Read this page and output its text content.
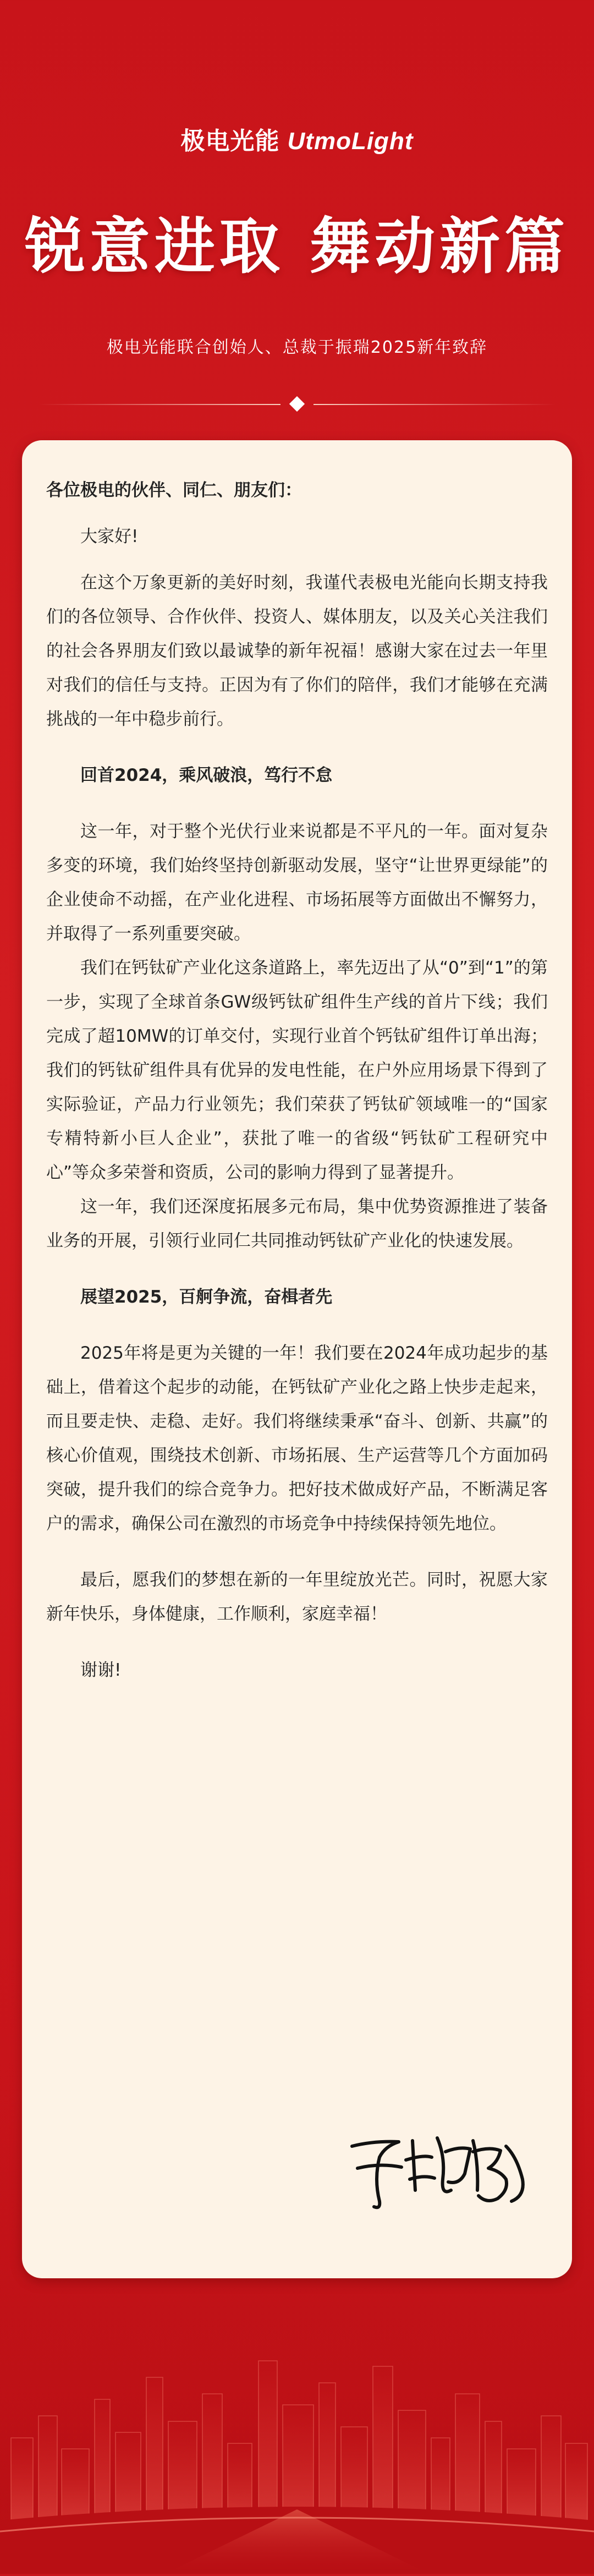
极电光能 UtmoLight
锐意进取 舞动新篇
极电光能联合创始人、总裁于振瑞2025新年致辞

各位极电的伙伴、同仁、朋友们：

大家好!

在这个万象更新的美好时刻，我谨代表极电光能向长期支持我们的各位领导、合作伙伴、投资人、媒体朋友，以及关心关注我们的社会各界朋友们致以最诚挚的新年祝福！感谢大家在过去一年里对我们的信任与支持。正因为有了你们的陪伴，我们才能够在充满挑战的一年中稳步前行。

回首2024，乘风破浪，笃行不怠

这一年，对于整个光伏行业来说都是不平凡的一年。面对复杂多变的环境，我们始终坚持创新驱动发展，坚守“让世界更绿能”的企业使命不动摇，在产业化进程、市场拓展等方面做出不懈努力，并取得了一系列重要突破。

我们在钙钛矿产业化这条道路上，率先迈出了从“0”到“1”的第一步，实现了全球首条GW级钙钛矿组件生产线的首片下线；我们完成了超10MW的订单交付，实现行业首个钙钛矿组件订单出海；我们的钙钛矿组件具有优异的发电性能，在户外应用场景下得到了实际验证，产品力行业领先；我们荣获了钙钛矿领域唯一的“国家专精特新小巨人企业”，获批了唯一的省级“钙钛矿工程研究中心”等众多荣誉和资质，公司的影响力得到了显著提升。

这一年，我们还深度拓展多元布局，集中优势资源推进了装备业务的开展，引领行业同仁共同推动钙钛矿产业化的快速发展。

展望2025，百舸争流，奋楫者先

2025年将是更为关键的一年！我们要在2024年成功起步的基础上，借着这个起步的动能，在钙钛矿产业化之路上快步走起来，而且要走快、走稳、走好。我们将继续秉承“奋斗、创新、共赢”的核心价值观，围绕技术创新、市场拓展、生产运营等几个方面加码突破，提升我们的综合竞争力。把好技术做成好产品，不断满足客户的需求，确保公司在激烈的市场竞争中持续保持领先地位。

最后，愿我们的梦想在新的一年里绽放光芒。同时，祝愿大家新年快乐，身体健康，工作顺利，家庭幸福！

谢谢!
